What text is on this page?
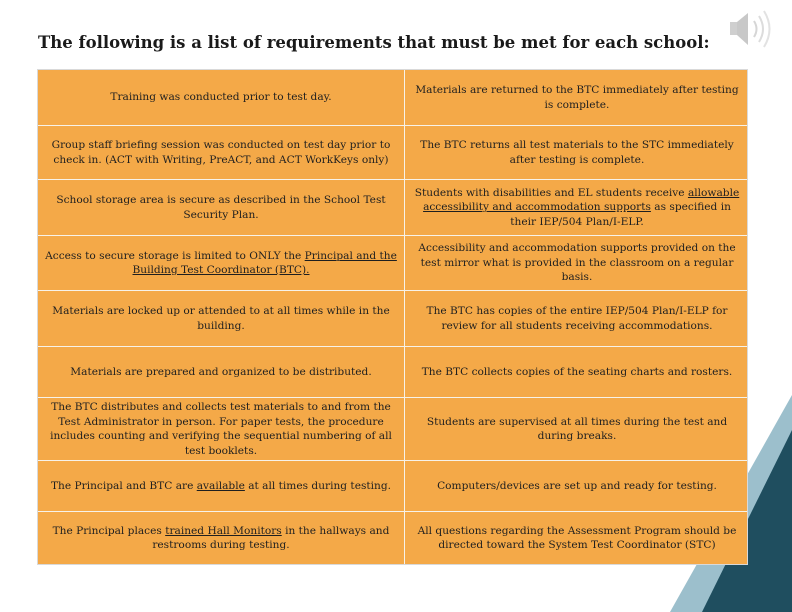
The following is a list of requirements that must be met for each school:
Training was conducted prior to test day.
Materials are returned to the BTC immediately after testing is complete.
Group staff briefing session was conducted on test day prior to check in. (ACT with Writing, PreACT, and ACT WorkKeys only)
The BTC returns all test materials to the STC immediately after testing is complete.
School storage area is secure as described in the School Test Security Plan.
Students with disabilities and EL students receive allowable accessibility and accommodation supports as specified in their IEP/504 Plan/I-ELP.
Access to secure storage is limited to ONLY the Principal and the Building Test Coordinator (BTC).
Accessibility and accommodation supports provided on the test mirror what is provided in the classroom on a regular basis.
Materials are locked up or attended to at all times while in the building.
The BTC has copies of the entire IEP/504 Plan/I-ELP for review for all students receiving accommodations.
Materials are prepared and organized to be distributed.	The BTC collects copies of the seating charts and rosters.
The BTC distributes and collects test materials to and from the Test Administrator in person. For paper tests, the procedure includes counting and verifying the sequential numbering of all test booklets.
Students are supervised at all times during the test and during breaks.
The Principal and BTC are available at all times during testing.	Computers/devices are set up and ready for testing.
The Principal places trained Hall Monitors in the hallways and restrooms during testing.
All questions regarding the Assessment Program should be directed toward the System Test Coordinator (STC)
